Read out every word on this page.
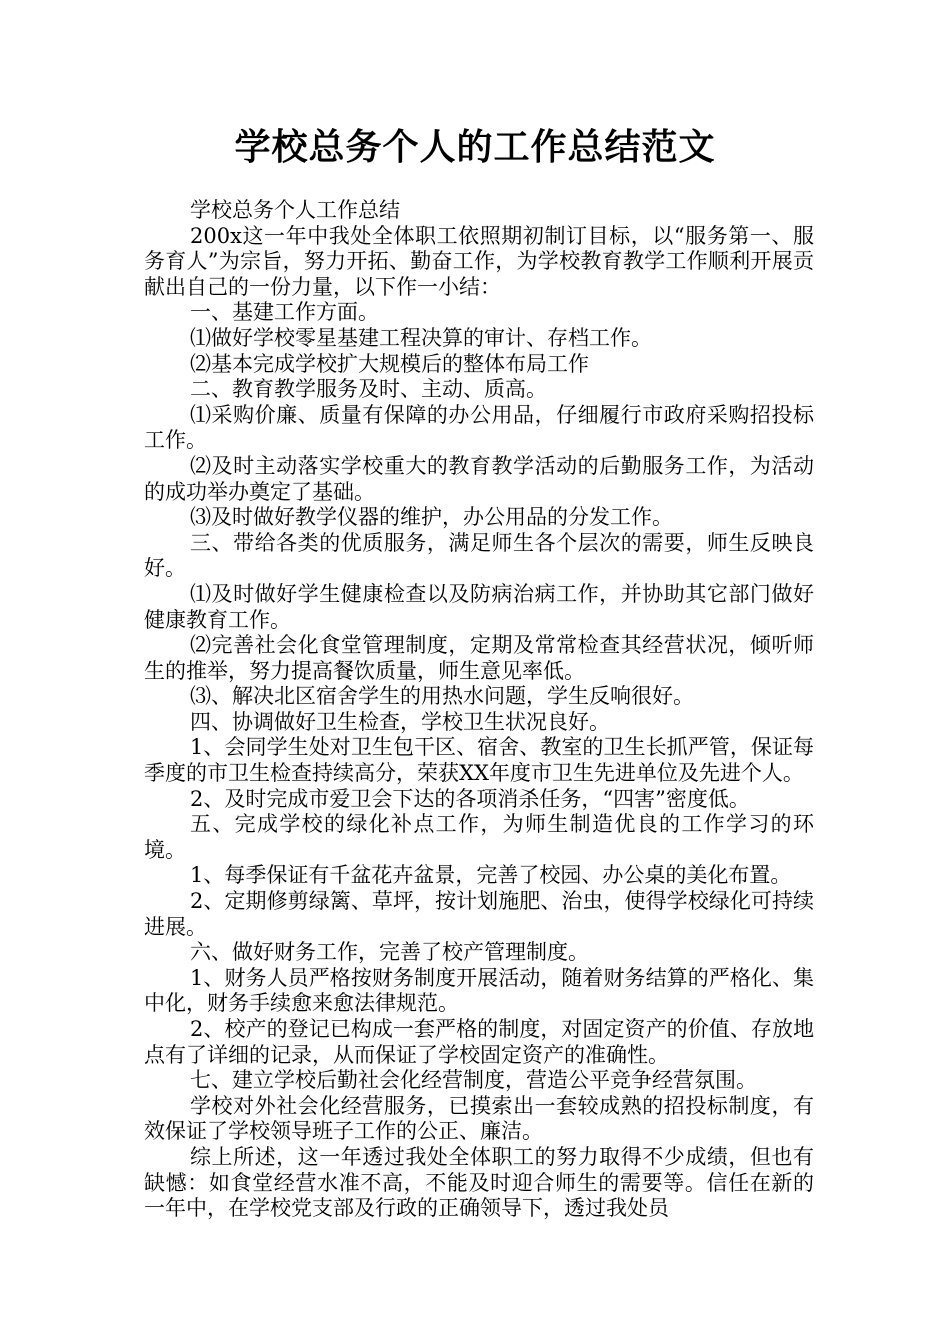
学校总务个人的工作总结范文

学校总务个人工作总结

200x这一年中我处全体职工依照期初制订目标，以“服务第一、服务育人”为宗旨，努力开拓、勤奋工作，为学校教育教学工作顺利开展贡献出自己的一份力量，以下作一小结：

一、基建工作方面。

⑴做好学校零星基建工程决算的审计、存档工作。

⑵基本完成学校扩大规模后的整体布局工作

二、教育教学服务及时、主动、质高。

⑴采购价廉、质量有保障的办公用品，仔细履行市政府采购招投标工作。

⑵及时主动落实学校重大的教育教学活动的后勤服务工作，为活动的成功举办奠定了基础。

⑶及时做好教学仪器的维护，办公用品的分发工作。

三、带给各类的优质服务，满足师生各个层次的需要，师生反映良好。

⑴及时做好学生健康检查以及防病治病工作，并协助其它部门做好健康教育工作。

⑵完善社会化食堂管理制度，定期及常常检查其经营状况，倾听师生的推举，努力提高餐饮质量，师生意见率低。

⑶、解决北区宿舍学生的用热水问题，学生反响很好。

四、协调做好卫生检查，学校卫生状况良好。

1、会同学生处对卫生包干区、宿舍、教室的卫生长抓严管，保证每季度的市卫生检查持续高分，荣获XX年度市卫生先进单位及先进个人。

2、及时完成市爱卫会下达的各项消杀任务，“四害”密度低。

五、完成学校的绿化补点工作，为师生制造优良的工作学习的环境。

1、每季保证有千盆花卉盆景，完善了校园、办公桌的美化布置。

2、定期修剪绿篱、草坪，按计划施肥、治虫，使得学校绿化可持续进展。

六、做好财务工作，完善了校产管理制度。

1、财务人员严格按财务制度开展活动，随着财务结算的严格化、集中化，财务手续愈来愈法律规范。

2、校产的登记已构成一套严格的制度，对固定资产的价值、存放地点有了详细的记录，从而保证了学校固定资产的准确性。

七、建立学校后勤社会化经营制度，营造公平竞争经营氛围。

学校对外社会化经营服务，已摸索出一套较成熟的招投标制度，有效保证了学校领导班子工作的公正、廉洁。

综上所述，这一年透过我处全体职工的努力取得不少成绩，但也有缺憾：如食堂经营水准不高，不能及时迎合师生的需要等。信任在新的一年中，在学校党支部及行政的正确领导下，透过我处员
